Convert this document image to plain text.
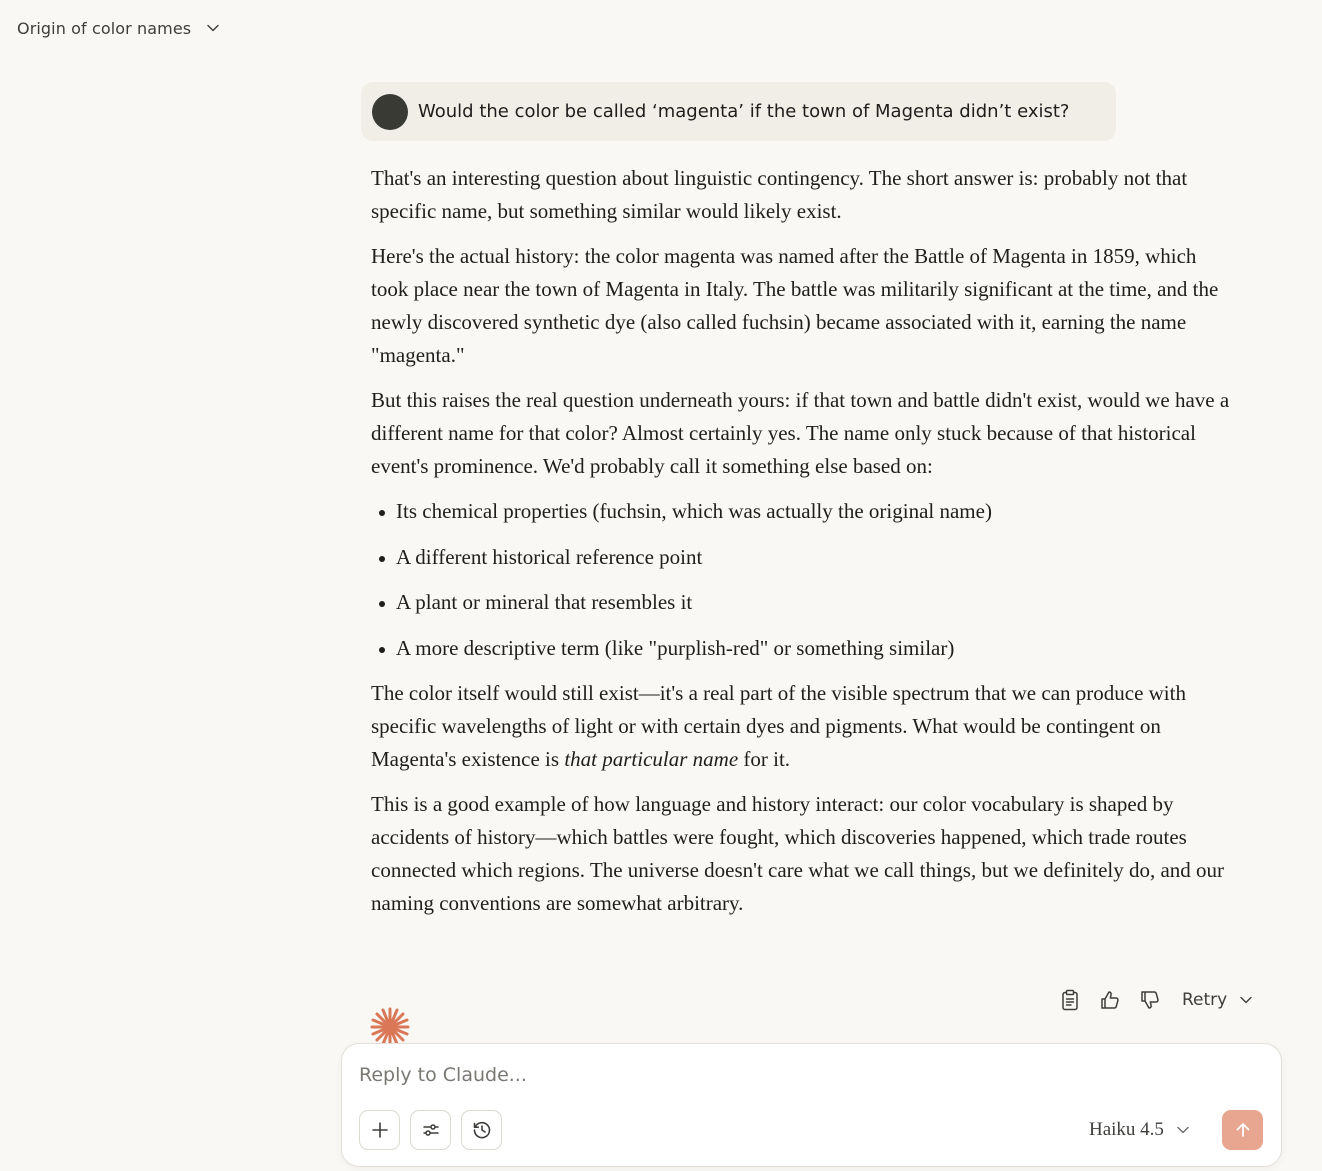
Origin of color names
Would the color be called ‘magenta’ if the town of Magenta didn’t exist?

That's an interesting question about linguistic contingency. The short answer is: probably not that specific name, but something similar would likely exist.

Here's the actual history: the color magenta was named after the Battle of Magenta in 1859, which took place near the town of Magenta in Italy. The battle was militarily significant at the time, and the newly discovered synthetic dye (also called fuchsin) became associated with it, earning the name "magenta."

But this raises the real question underneath yours: if that town and battle didn't exist, would we have a different name for that color? Almost certainly yes. The name only stuck because of that historical event's prominence. We'd probably call it something else based on:

Its chemical properties (fuchsin, which was actually the original name)
A different historical reference point
A plant or mineral that resembles it
A more descriptive term (like "purplish-red" or something similar)

The color itself would still exist—it's a real part of the visible spectrum that we can produce with specific wavelengths of light or with certain dyes and pigments. What would be contingent on Magenta's existence is that particular name for it.

This is a good example of how language and history interact: our color vocabulary is shaped by accidents of history—which battles were fought, which discoveries happened, which trade routes connected which regions. The universe doesn't care what we call things, but we definitely do, and our naming conventions are somewhat arbitrary.

Retry
Reply to Claude...
Haiku 4.5
